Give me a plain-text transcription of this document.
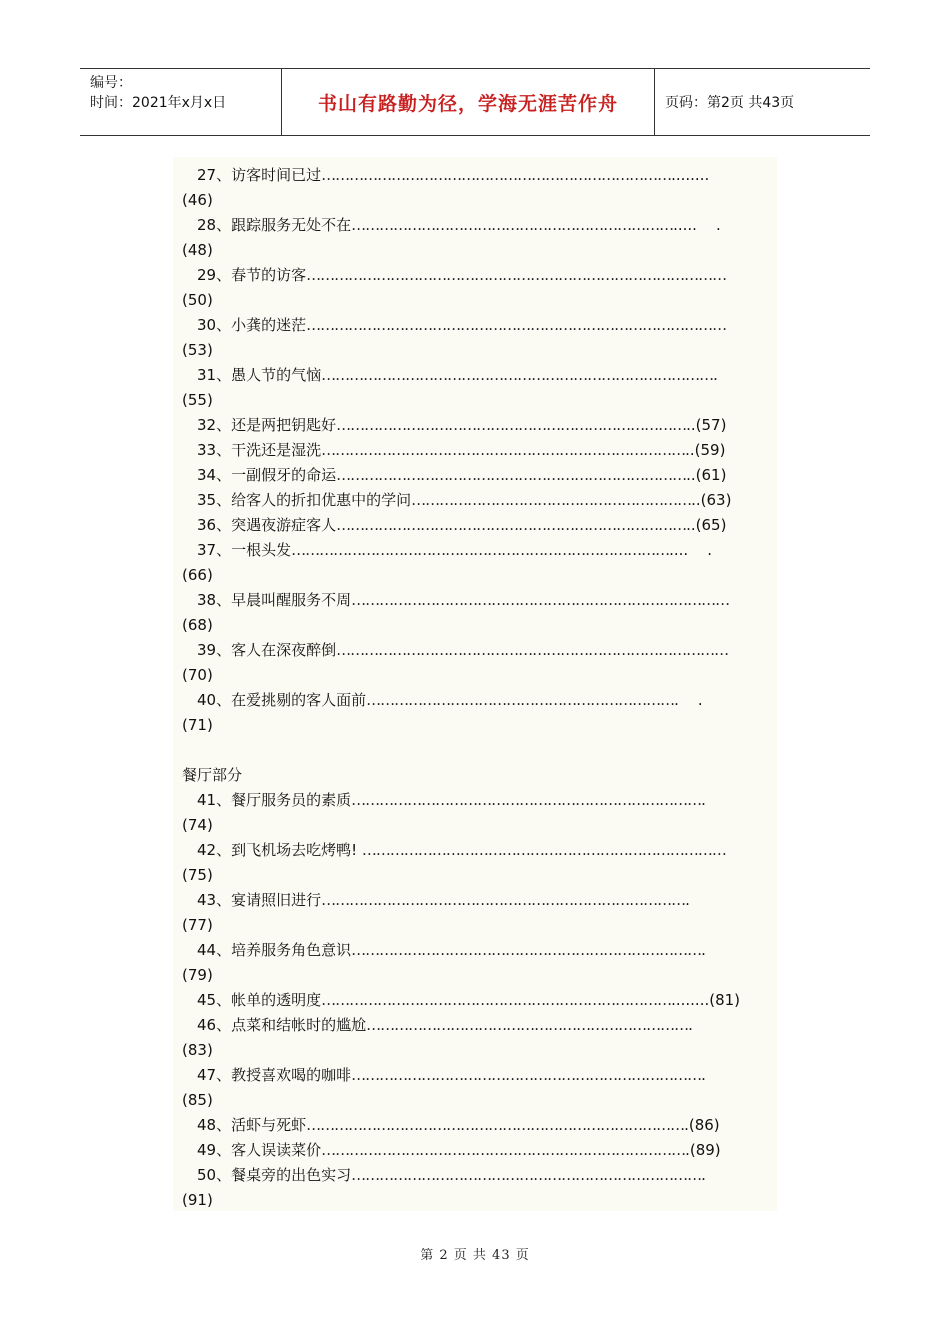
编号：
时间：2021年x月x日	书山有路勤为径，学海无涯苦作舟	页码：第2页 共43页
27、访客时间已过…………………………………………………………………........
(46)
28、跟踪服务无处不在…………………………………………………………….....    .
(48)
29、春节的访客………………………………………………………………………………
(50)
30、小龚的迷茫………………………………………………………………………………
(53)
31、愚人节的气恼………………………………………………………………………….
(55)
32、还是两把钥匙好…………………………………………………………………..(57)
33、干洗还是湿洗……………………………………………………………………..(59)
34、一副假牙的命运…………………………………………………………………..(61)
35、给客人的折扣优惠中的学问……………………………………………………..(63)
36、突遇夜游症客人…………………………………………………………………..(65)
37、一根头发………………………………………………………………………....    .
(66)
38、早晨叫醒服务不周………………………………………………………………………
(68)
39、客人在深夜醉倒…………………………………………………………………………
(70)
40、在爱挑剔的客人面前………………………………………………………….    .
(71)
餐厅部分
41、餐厅服务员的素质………………………………………………………………….
(74)
42、到飞机场去吃烤鸭! ……………………………………………………………………
(75)
43、宴请照旧进行…………………………………………………………………….
(77)
44、培养服务角色意识………………………………………………………………….
(79)
45、帐单的透明度…………………………………………………………………........(81)
46、点菜和结帐时的尴尬…………………………………………………………….
(83)
47、教授喜欢喝的咖啡………………………………………………………………….
(85)
48、活虾与死虾……………………………………………………………………….(86)
49、客人误读菜价…………………………………………………………………….(89)
50、餐桌旁的出色实习………………………………………………………………….
(91)
第 2 页 共 43 页
